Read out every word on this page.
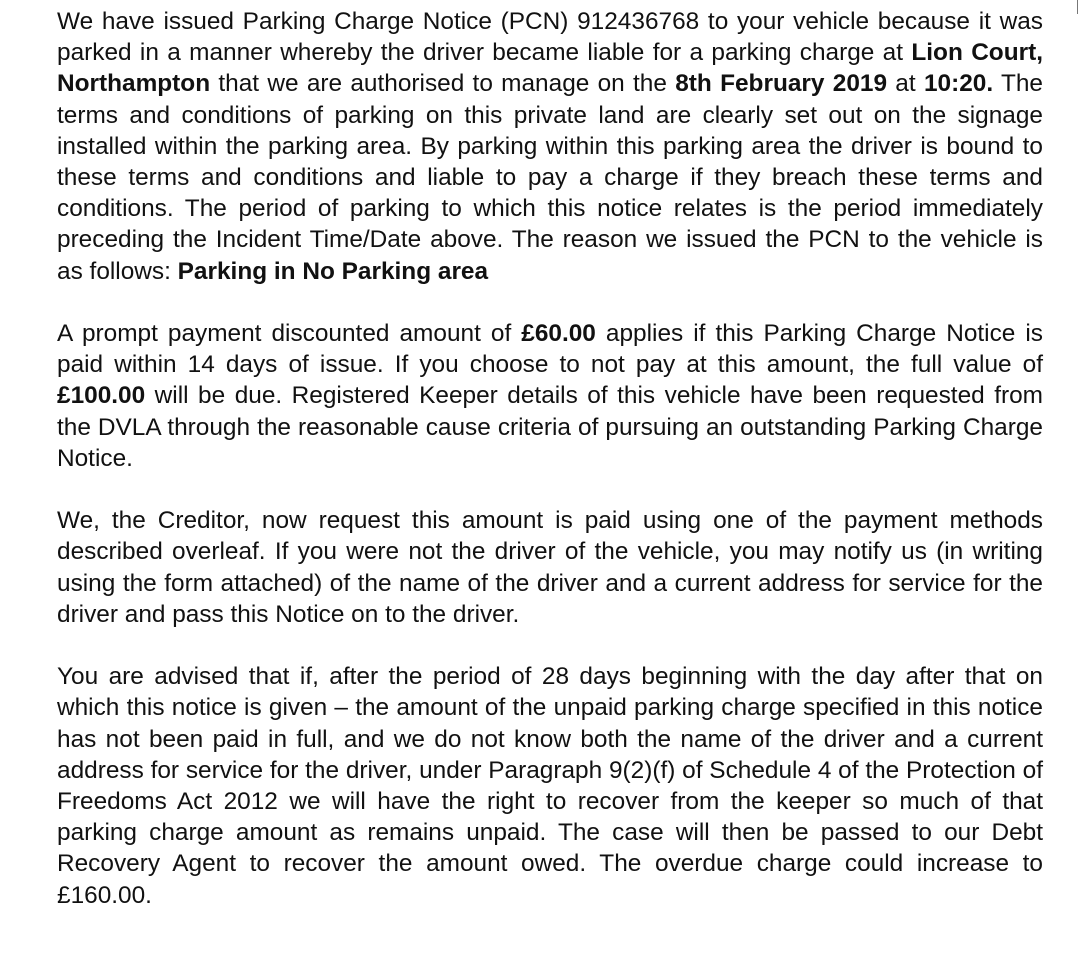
We have issued Parking Charge Notice (PCN) 912436768 to your vehicle because it was parked in a manner whereby the driver became liable for a parking charge at Lion Court, Northampton that we are authorised to manage on the 8th February 2019 at 10:20. The terms and conditions of parking on this private land are clearly set out on the signage installed within the parking area. By parking within this parking area the driver is bound to these terms and conditions and liable to pay a charge if they breach these terms and conditions. The period of parking to which this notice relates is the period immediately preceding the Incident Time/Date above. The reason we issued the PCN to the vehicle is as follows: Parking in No Parking area

A prompt payment discounted amount of £60.00 applies if this Parking Charge Notice is paid within 14 days of issue. If you choose to not pay at this amount, the full value of £100.00 will be due. Registered Keeper details of this vehicle have been requested from the DVLA through the reasonable cause criteria of pursuing an outstanding Parking Charge Notice.

We, the Creditor, now request this amount is paid using one of the payment methods described overleaf. If you were not the driver of the vehicle, you may notify us (in writing using the form attached) of the name of the driver and a current address for service for the driver and pass this Notice on to the driver.

You are advised that if, after the period of 28 days beginning with the day after that on which this notice is given – the amount of the unpaid parking charge specified in this notice has not been paid in full, and we do not know both the name of the driver and a current address for service for the driver, under Paragraph 9(2)(f) of Schedule 4 of the Protection of Freedoms Act 2012 we will have the right to recover from the keeper so much of that parking charge amount as remains unpaid. The case will then be passed to our Debt Recovery Agent to recover the amount owed. The overdue charge could increase to £160.00.
